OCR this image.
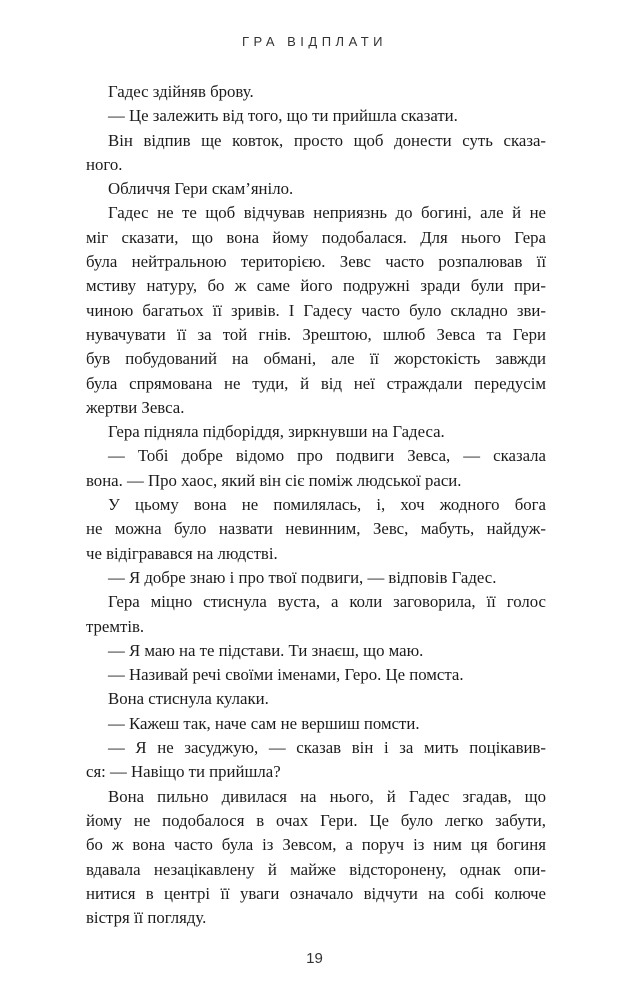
ГРА ВІДПЛАТИ
Гадес здійняв брову.
— Це залежить від того, що ти прийшла сказати.
Він відпив ще ковток, просто щоб донести суть сказа-
ного.
Обличчя Гери скам’яніло.
Гадес не те щоб відчував неприязнь до богині, але й не
міг сказати, що вона йому подобалася. Для нього Гера
була нейтральною територією. Зевс часто розпалював її
мстиву натуру, бо ж саме його подружні зради були при-
чиною багатьох її зривів. І Гадесу часто було складно зви-
нувачувати її за той гнів. Зрештою, шлюб Зевса та Гери
був побудований на обмані, але її жорстокість завжди
була спрямована не туди, й від неї страждали передусім
жертви Зевса.
Гера підняла підборіддя, зиркнувши на Гадеса.
— Тобі добре відомо про подвиги Зевса, — сказала
вона. — Про хаос, який він сіє поміж людської раси.
У цьому вона не помилялась, і, хоч жодного бога
не можна було назвати невинним, Зевс, мабуть, найдуж-
че відігравався на людстві.
— Я добре знаю і про твої подвиги, — відповів Гадес.
Гера міцно стиснула вуста, а коли заговорила, її голос
тремтів.
— Я маю на те підстави. Ти знаєш, що маю.
— Називай речі своїми іменами, Геро. Це помста.
Вона стиснула кулаки.
— Кажеш так, наче сам не вершиш помсти.
— Я не засуджую, — сказав він і за мить поцікавив-
ся: — Навіщо ти прийшла?
Вона пильно дивилася на нього, й Гадес згадав, що
йому не подобалося в очах Гери. Це було легко забути,
бо ж вона часто була із Зевсом, а поруч із ним ця богиня
вдавала незацікавлену й майже відсторонену, однак опи-
нитися в центрі її уваги означало відчути на собі колюче
вістря її погляду.
19
